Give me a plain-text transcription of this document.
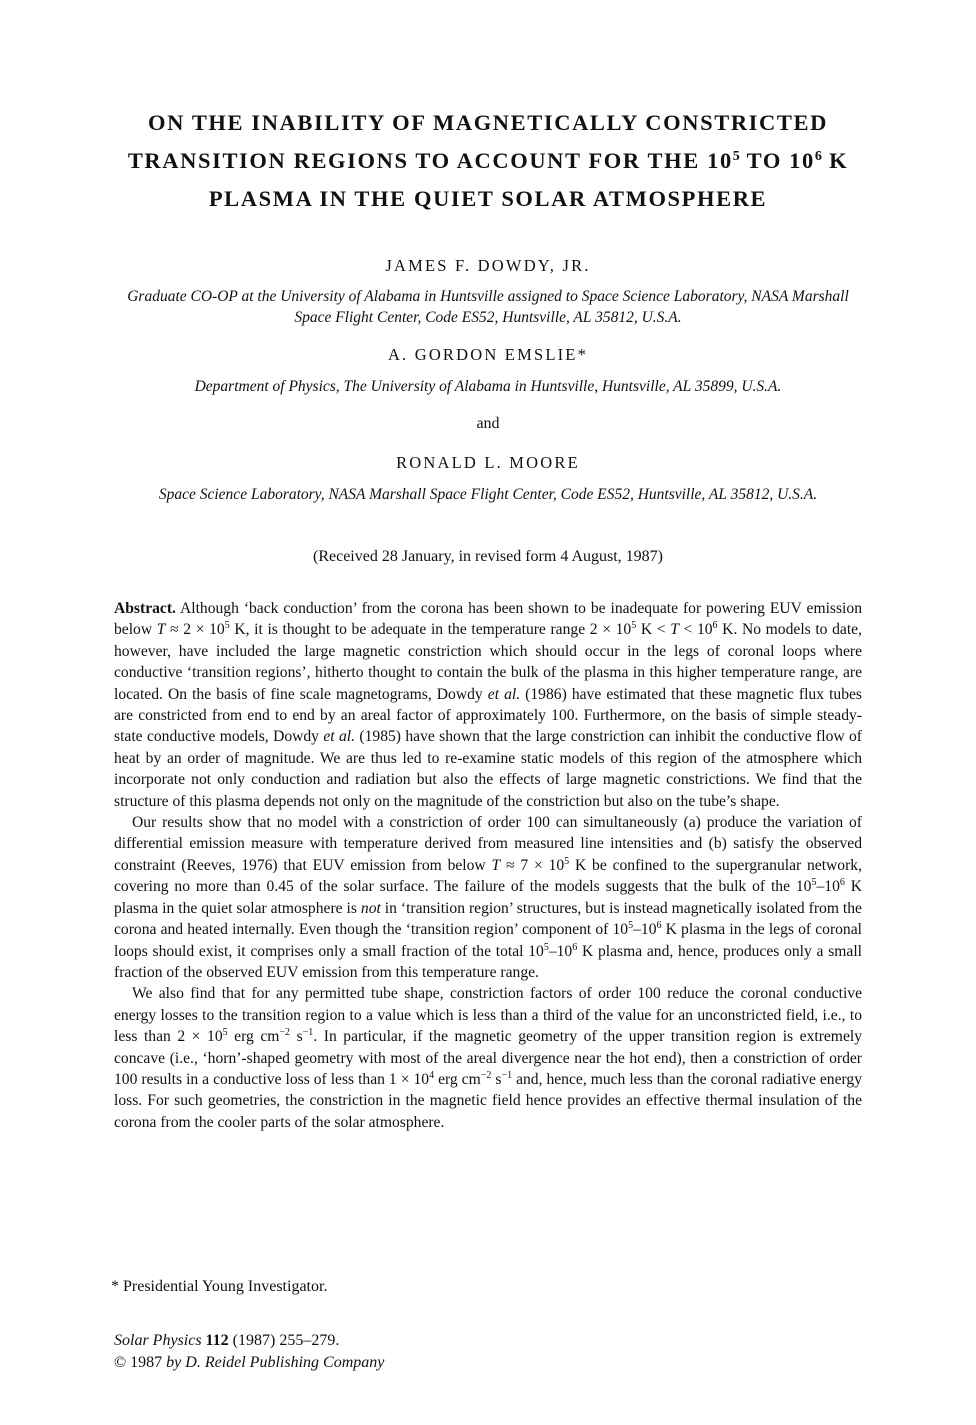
ON THE INABILITY OF MAGNETICALLY CONSTRICTED
TRANSITION REGIONS TO ACCOUNT FOR THE $10^5$ TO $10^6$ K
PLASMA IN THE QUIET SOLAR ATMOSPHERE
JAMES F. DOWDY, JR.
Graduate CO-OP at the University of Alabama in Huntsville assigned to Space Science Laboratory, NASA Marshall Space Flight Center, Code ES52, Huntsville, AL 35812, U.S.A.
A. GORDON EMSLIE*
Department of Physics, The University of Alabama in Huntsville, Huntsville, AL 35899, U.S.A.
and
RONALD L. MOORE
Space Science Laboratory, NASA Marshall Space Flight Center, Code ES52, Huntsville, AL 35812, U.S.A.
(Received 28 January, in revised form 4 August, 1987)

Abstract. Although ‘back conduction’ from the corona has been shown to be inadequate for powering EUV emission below $T \approx 2 \times 10^5$ K, it is thought to be adequate in the temperature range $2 \times 10^5$ $K < T < 10^6$ K. No models to date, however, have included the large magnetic constriction which should occur in the legs of coronal loops where conductive ‘transition regions’, hitherto thought to contain the bulk of the plasma in this higher temperature range, are located. On the basis of fine scale magnetograms, Dowdy et al. (1986) have estimated that these magnetic flux tubes are constricted from end to end by an areal factor of approximately 100. Furthermore, on the basis of simple steady-state conductive models, Dowdy et al. (1985) have shown that the large constriction can inhibit the conductive flow of heat by an order of magnitude. We are thus led to re-examine static models of this region of the atmosphere which incorporate not only conduction and radiation but also the effects of large magnetic constrictions. We find that the structure of this plasma depends not only on the magnitude of the constriction but also on the tube’s shape.

Our results show that no model with a constriction of order 100 can simultaneously (a) produce the variation of differential emission measure with temperature derived from measured line intensities and (b) satisfy the observed constraint (Reeves, 1976) that EUV emission from below $T \approx 7 \times 10^5$ K be confined to the supergranular network, covering no more than 0.45 of the solar surface. The failure of the models suggests that the bulk of the $10^5-10^6$ K plasma in the quiet solar atmosphere is not in ‘transition region’ structures, but is instead magnetically isolated from the corona and heated internally. Even though the ‘transition region’ component of $10^5-10^6$ K plasma in the legs of coronal loops should exist, it comprises only a small fraction of the total $10^5-10^6$ K plasma and, hence, produces only a small fraction of the observed EUV emission from this temperature range.

We also find that for any permitted tube shape, constriction factors of order 100 reduce the coronal conductive energy losses to the transition region to a value which is less than a third of the value for an unconstricted field, i.e., to less than $2 \times 10^5$ erg $cm^{-2}$ $s^{-1}$. In particular, if the magnetic geometry of the upper transition region is extremely concave (i.e., ‘horn’-shaped geometry with most of the areal divergence near the hot end), then a constriction of order 100 results in a conductive loss of less than $1 \times 10^4$ erg $cm^{-2}$ $s^{-1}$ and, hence, much less than the coronal radiative energy loss. For such geometries, the constriction in the magnetic field hence provides an effective thermal insulation of the corona from the cooler parts of the solar atmosphere.

* Presidential Young Investigator.
Solar Physics 112 (1987) 255–279.
© 1987 by D. Reidel Publishing Company
